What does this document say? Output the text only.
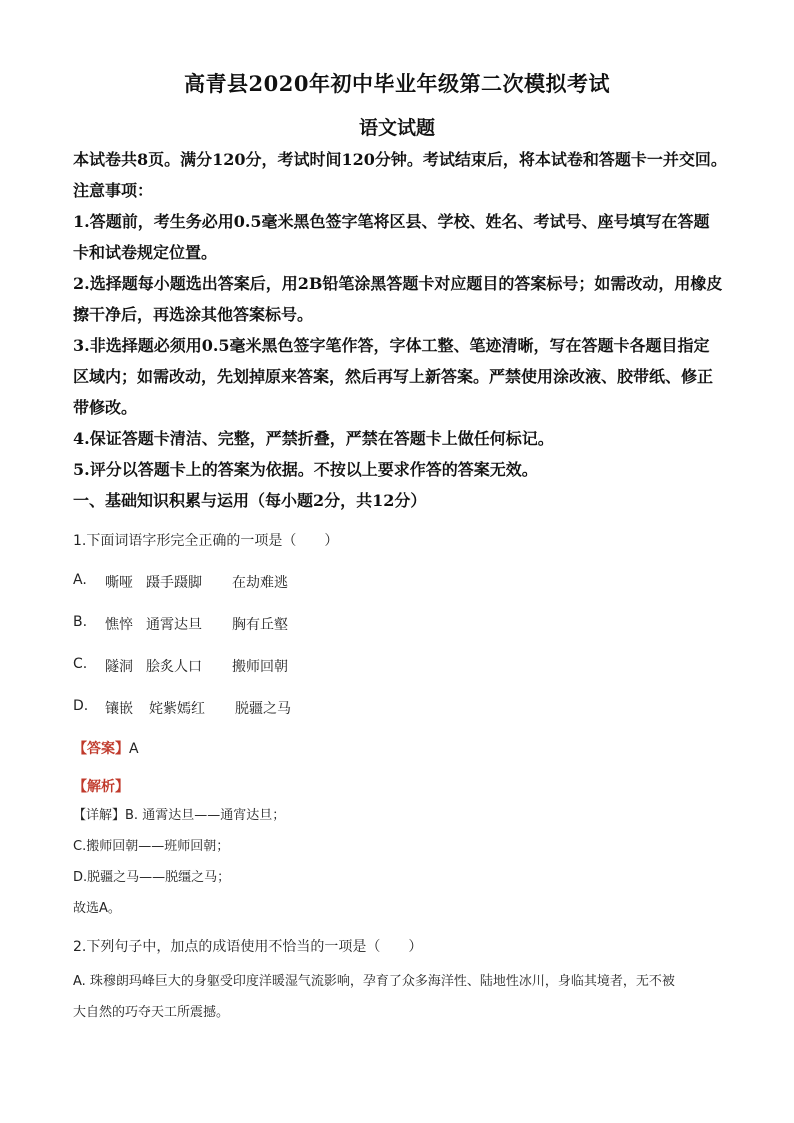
高青县2020年初中毕业年级第二次模拟考试
语文试题
本试卷共8页。满分120分，考试时间120分钟。考试结束后，将本试卷和答题卡一并交回。
注意事项：
1.答题前，考生务必用0.5毫米黑色签字笔将区县、学校、姓名、考试号、座号填写在答题
卡和试卷规定位置。
2.选择题每小题选出答案后，用2B铅笔涂黑答题卡对应题目的答案标号；如需改动，用橡皮
擦干净后，再选涂其他答案标号。
3.非选择题必须用0.5毫米黑色签字笔作答，字体工整、笔迹清晰，写在答题卡各题目指定
区域内；如需改动，先划掉原来答案，然后再写上新答案。严禁使用涂改液、胶带纸、修正
带修改。
4.保证答题卡清洁、完整，严禁折叠，严禁在答题卡上做任何标记。
5.评分以答题卡上的答案为依据。不按以上要求作答的答案无效。
一、基础知识积累与运用（每小题2分，共12分）
1.下面词语字形完全正确的一项是（　　）
A.	嘶哑 蹑手蹑脚	在劫难逃
B.	憔悴 通霄达旦	胸有丘壑
C.	隧洞 脍炙人口	搬师回朝
D.	镶嵌	姹紫嫣红	脱疆之马
【答案】A
【解析】
【详解】B. 通霄达旦——通宵达旦；
C.搬师回朝——班师回朝；
D.脱疆之马——脱缰之马；
故选A。
2.下列句子中，加点的成语使用不恰当的一项是（　　）
A. 珠穆朗玛峰巨大的身躯受印度洋暖湿气流影响，孕育了众多海洋性、陆地性冰川，身临其境者，无不被
大自然的巧夺天工所震撼。
